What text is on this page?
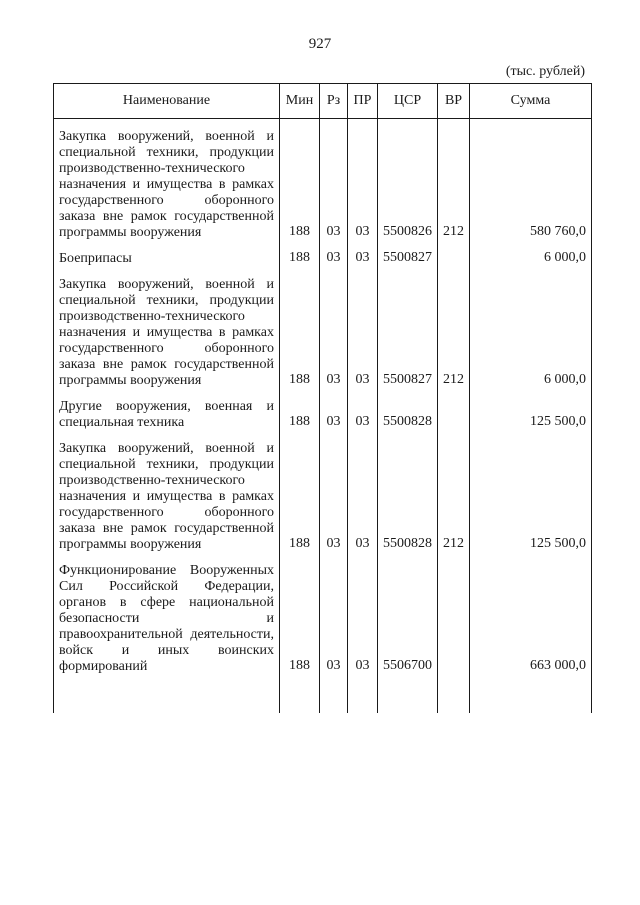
927
(тыс. рублей)
Наименование	Мин	Рз	ПР	ЦСР	ВР	Сумма
Закупка вооружений, военной и специальной техники, продукции производственно-технического назначения и имущества в рамках государственного оборонного заказа вне рамок государственной программы вооружения	188	03	03	5500826	212	580 760,0
Боеприпасы	188	03	03	5500827		6 000,0
Закупка вооружений, военной и специальной техники, продукции производственно-технического назначения и имущества в рамках государственного оборонного заказа вне рамок государственной программы вооружения	188	03	03	5500827	212	6 000,0
Другие вооружения, военная и специальная техника	188	03	03	5500828		125 500,0
Закупка вооружений, военной и специальной техники, продукции производственно-технического назначения и имущества в рамках государственного оборонного заказа вне рамок государственной программы вооружения	188	03	03	5500828	212	125 500,0
Функционирование Вооруженных Сил Российской Федерации, органов в сфере национальной безопасности и правоохранительной деятельности, войск и иных воинских формирований	188	03	03	5506700		663 000,0
